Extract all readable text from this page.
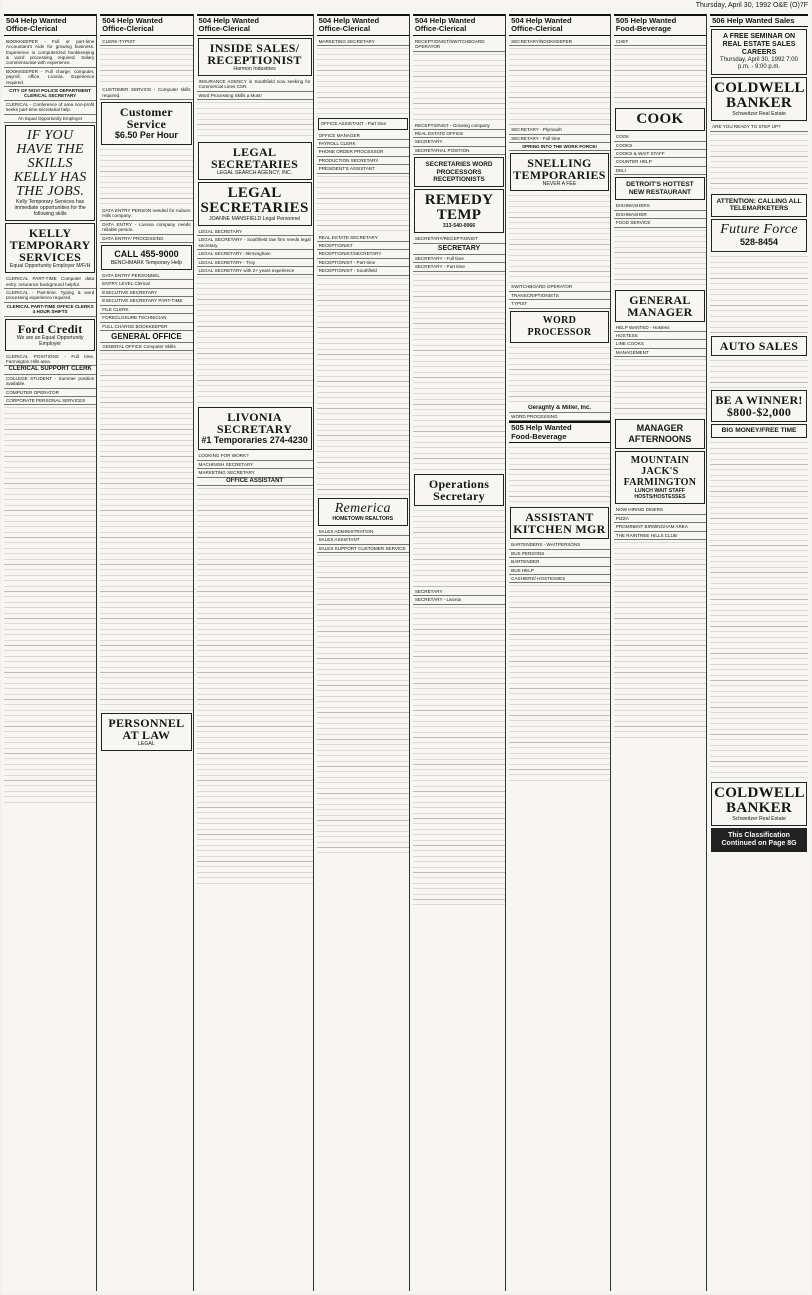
Thursday, April 30, 1992 O&E (O)7F
504 Help Wanted
Office-Clerical
BOOKKEEPER - Full or part-time Accountant's Aide for growing business. Experience in computerized bookkeeping & word processing required. Salary commensurate with experience.
BOOKKEEPER - Full charge, computer, payroll, office, Livonia. Experience required.
CITY OF NOVI POLICE DEPARTMENT CLERICAL SECRETARY
CLERICAL - Conference of area non-profit seeks part-time secretarial help.
An Equal Opportunity Employer
IF YOU HAVE THE SKILLS KELLY HAS THE JOBS.
Kelly Temporary Services has immediate opportunities for the following skills
KELLY TEMPORARY SERVICES
Equal Opportunity Employer M/F/H
CLERICAL PART-TIME Computer data entry. Insurance background helpful.
CLERICAL - Part-time. Typing & word processing experience required.
CLERICAL PART-TIME OFFICE CLERKS 4 HOUR SHIFTS
Ford Credit
We are an Equal Opportunity Employer
CLERICAL POSITIONS - Full time, Farmington Hills area.
CLERICAL SUPPORT CLERK
COLLEGE STUDENT - Summer position available.
COMPUTER OPERATOR
CORPORATE PERSONAL SERVICES
504 Help Wanted
Office-Clerical
CLERK-TYPIST
CUSTOMER SERVICE - Computer skills required.
Customer Service
$6.50 Per Hour
DATA ENTRY PERSON needed for Auburn Hills company.
DATA ENTRY - Livonia company needs reliable person.
DATA ENTRY/ PROCESSING
CALL 455-9000
BENCHMARK Temporary Help
DATA ENTRY PERSONNEL
ENTRY LEVEL Clerical
EXECUTIVE SECRETARY
EXECUTIVE SECRETARY PART-TIME
FILE CLERK
FORECLOSURE TECHNICIAN
FULL CHARGE BOOKKEEPER
GENERAL OFFICE
GENERAL OFFICE Computer Skills
PERSONNEL AT LAW
LEGAL
504 Help Wanted
Office-Clerical
INSIDE SALES/ RECEPTIONIST
Harmon Industries
INSURANCE AGENCY in Southfield now seeking for Commercial Lines CSR.
Word Processing Skills a Must!
LEGAL SECRETARIES
LEGAL SEARCH AGENCY, INC.
LEGAL SECRETARIES
JOANNE MANSFIELD Legal Personnel
LEGAL SECRETARY
LEGAL SECRETARY - Southfield law firm needs legal secretary.
LEGAL SECRETARY - Birmingham
LEGAL SECRETARY - Troy
LEGAL SECRETARY with 2+ years experience
LIVONIA SECRETARY
#1 Temporaries 274-4230
LOOKING FOR WORK?
MACHINISH SECRETARY
MARKETING SECRETARY
OFFICE ASSISTANT
504 Help Wanted
Office-Clerical
MARKETING SECRETARY
OFFICE ASSISTANT - Part time
OFFICE MANAGER
PAYROLL CLERK
PHONE ORDER PROCESSOR
PRODUCTION SECRETARY
PRESIDENT'S ASSISTANT
REAL ESTATE SECRETARY
RECEPTIONIST
RECEPTIONIST/SECRETARY
RECEPTIONIST - Part-time
RECEPTIONIST - Southfield
Remerica
HOMETOWN REALTORS
SALES ADMINISTRATION
SALES ASSISTANT
SALES SUPPORT CUSTOMER SERVICE
504 Help Wanted
Office-Clerical
RECEPTIONIST/SWITCHBOARD OPERATOR
RECEPTIONIST - Growing company
REAL ESTATE OFFICE
SECRETARY
SECRETARIAL POSITION
SECRETARIES WORD PROCESSORS RECEPTIONISTS
REMEDY TEMP
313-540-0066
SECRETARY/RECEPTIONIST
SECRETARY
SECRETARY - Full time
SECRETARY - Part time
Operations Secretary
SECRETARY
SECRETARY - Livonia
504 Help Wanted
Office-Clerical
SECRETARY/BOOKKEEPER
SECRETARY - Plymouth
SECRETARY - Full time
SPRING INTO THE WORK FORCE!
SNELLING TEMPORARIES
NEVER A FEE
SWITCHBOARD OPERATOR
TRANSCRIPTIONISTS
TYPIST
WORD PROCESSOR
Geraghty & Miller, Inc.
WORD PROCESSING
505 Help Wanted
Food-Beverage
ASSISTANT KITCHEN MGR
BARTENDERS - WAITPERSONS
BUS PERSONS
BARTENDER
BUS HELP
CASHIERS/ HOSTESSES
505 Help Wanted
Food-Beverage
CHEF
COOK
COOK
COOKS
COOKS & WAIT STAFF
COUNTER HELP
DELI
DETROIT'S HOTTEST NEW RESTAURANT
DISHWASHERS
DISHWASHER
FOOD SERVICE
GENERAL MANAGER
HELP WANTED - Hostess
HOSTESS
LINE COOKS
MANAGEMENT
MANAGER AFTERNOONS
MOUNTAIN JACK'S FARMINGTON
LUNCH WAIT STAFF HOSTS/HOSTESSES
NOW HIRING DINERS
PIZZA
PROMINENT BIRMINGHAM AREA
THE RAINTREE HILLS CLUB
506 Help Wanted Sales
A FREE SEMINAR ON REAL ESTATE SALES CAREERS
Thursday, April 30, 1992 7:00 p.m. - 9:00 p.m.
COLDWELL BANKER
Schweitzer Real Estate
ARE YOU READY TO STEP UP?
ATTENTION: CALLING ALL TELEMARKETERS
Future Force
528-8454
AUTO SALES
BE A WINNER! $800-$2,000
BIG MONEY/FREE TIME
COLDWELL BANKER
Schweitzer Real Estate
This Classification Continued on Page 8G
